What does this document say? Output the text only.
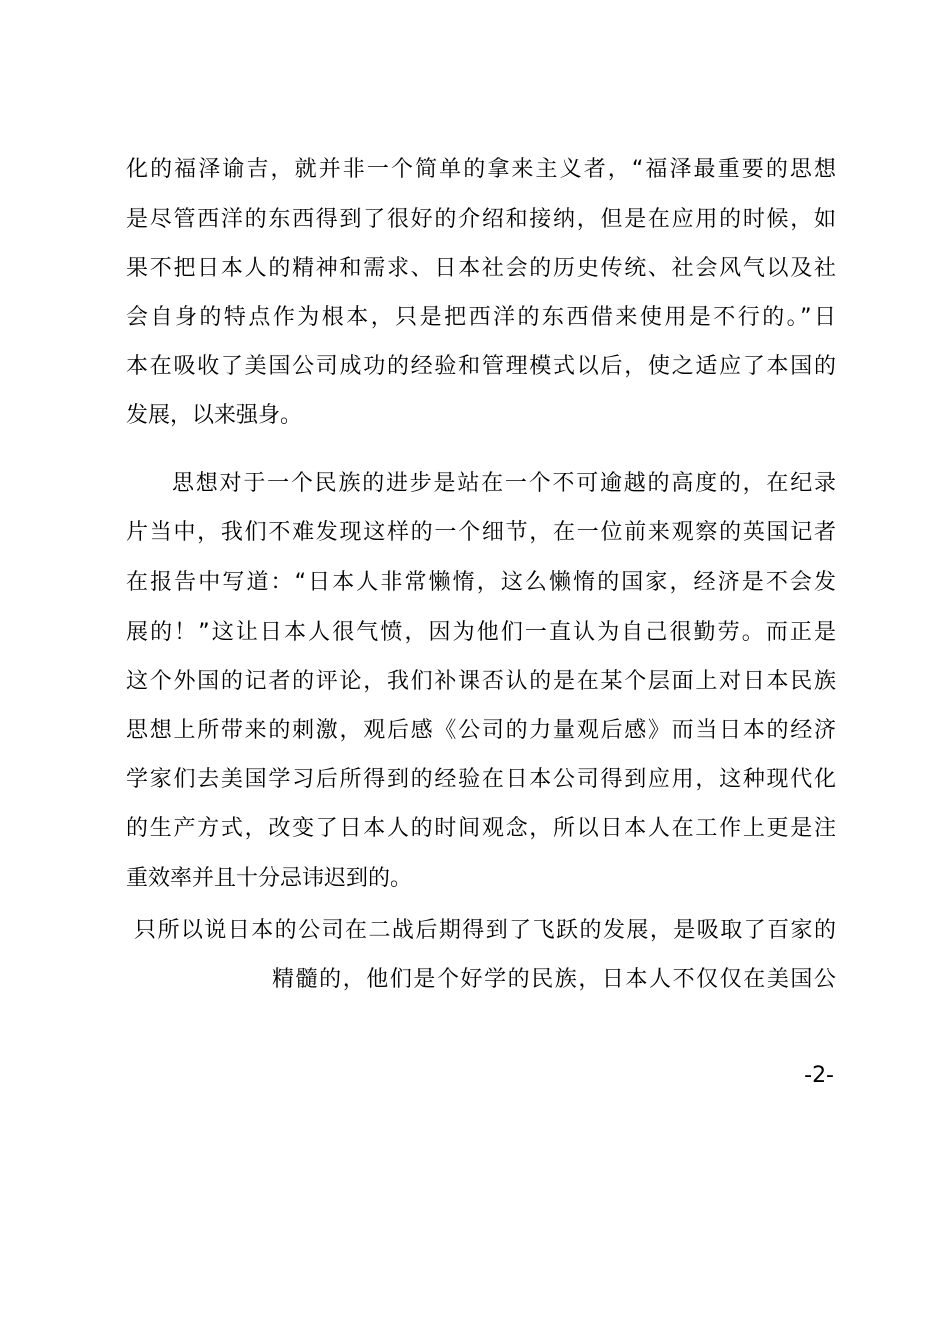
化的福泽谕吉，就并非一个简单的拿来主义者，“福泽最重要的思想
是尽管西洋的东西得到了很好的介绍和接纳，但是在应用的时候，如
果不把日本人的精神和需求、日本社会的历史传统、社会风气以及社
会自身的特点作为根本，只是把西洋的东西借来使用是不行的。”日
本在吸收了美国公司成功的经验和管理模式以后，使之适应了本国的
发展，以来强身。
思想对于一个民族的进步是站在一个不可逾越的高度的，在纪录
片当中，我们不难发现这样的一个细节，在一位前来观察的英国记者
在报告中写道：“日本人非常懒惰，这么懒惰的国家，经济是不会发
展的！”这让日本人很气愤，因为他们一直认为自己很勤劳。而正是
这个外国的记者的评论，我们补课否认的是在某个层面上对日本民族
思想上所带来的刺激，观后感《公司的力量观后感》而当日本的经济
学家们去美国学习后所得到的经验在日本公司得到应用，这种现代化
的生产方式，改变了日本人的时间观念，所以日本人在工作上更是注
重效率并且十分忌讳迟到的。
只所以说日本的公司在二战后期得到了飞跃的发展，是吸取了百家的
精髓的，他们是个好学的民族，日本人不仅仅在美国公
-2-
